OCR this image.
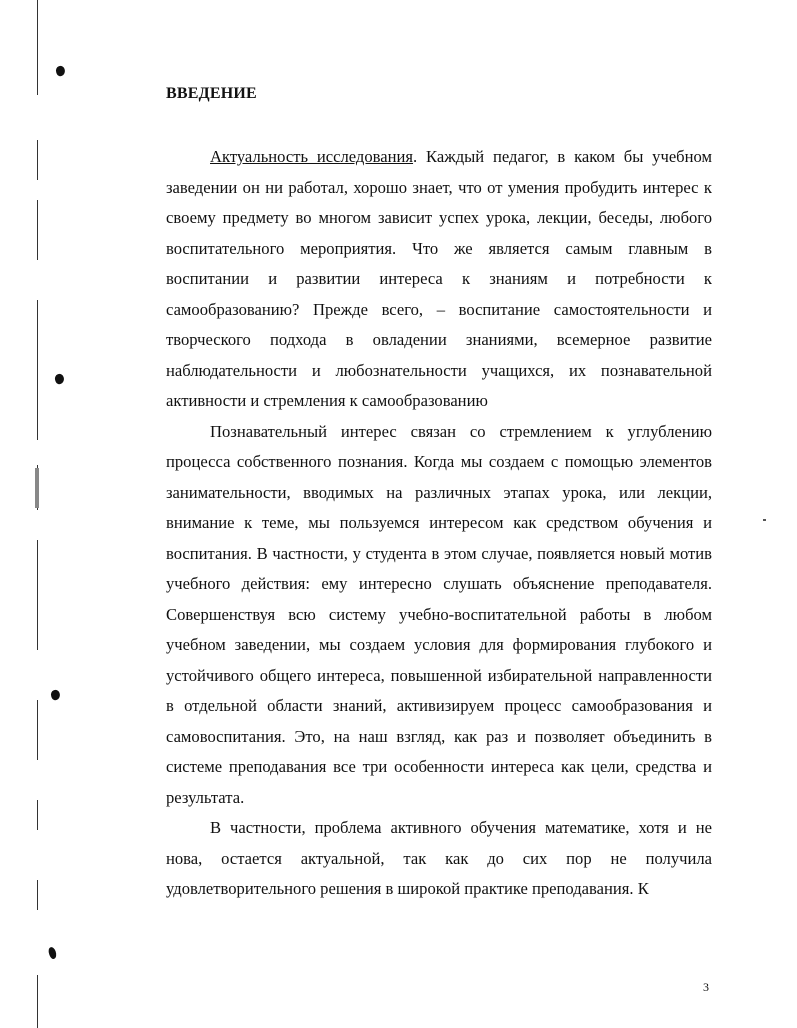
ВВЕДЕНИЕ

Актуальность исследования. Каждый педагог, в каком бы учебном заведении он ни работал, хорошо знает, что от умения пробудить интерес к своему предмету во многом зависит успех урока, лекции, беседы, любого воспитательного мероприятия. Что же является самым главным в воспитании и развитии интереса к знаниям и потребности к самообразованию? Прежде всего, – воспитание самостоятельности и творческого подхода в овладении знаниями, всемерное развитие наблюдательности и любознательности учащихся, их познавательной активности и стремления к самообразованию

Познавательный интерес связан со стремлением к углублению процесса собственного познания. Когда мы создаем с помощью элементов занимательности, вводимых на различных этапах урока, или лекции, внимание к теме, мы пользуемся интересом как средством обучения и воспитания. В частности, у студента в этом случае, появляется новый мотив учебного действия: ему интересно слушать объяснение преподавателя. Совершенствуя всю систему учебно-воспитательной работы в любом учебном заведении, мы создаем условия для формирования глубокого и устойчивого общего интереса, повышенной избирательной направленности в отдельной области знаний, активизируем процесс самообразования и самовоспитания. Это, на наш взгляд, как раз и позволяет объединить в системе преподавания все три особенности интереса как цели, средства и результата.

В частности, проблема активного обучения математике, хотя и не нова, остается актуальной, так как до сих пор не получила удовлетворительного решения в широкой практике преподавания. К

3
